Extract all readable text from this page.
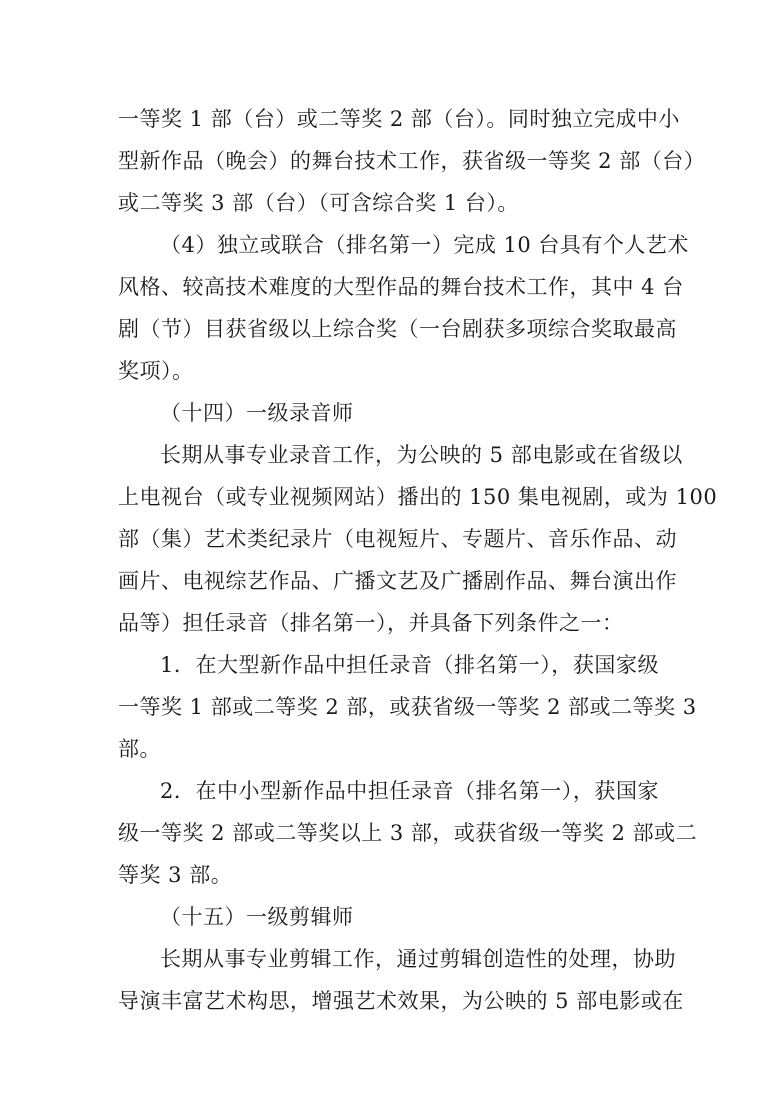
一等奖 1 部（台）或二等奖 2 部（台）。同时独立完成中小
型新作品（晚会）的舞台技术工作，获省级一等奖 2 部（台）
或二等奖 3 部（台）（可含综合奖 1 台）。
（4）独立或联合（排名第一）完成 10 台具有个人艺术
风格、较高技术难度的大型作品的舞台技术工作，其中 4 台
剧（节）目获省级以上综合奖（一台剧获多项综合奖取最高
奖项）。
（十四）一级录音师
长期从事专业录音工作，为公映的 5 部电影或在省级以
上电视台（或专业视频网站）播出的 150 集电视剧，或为 100
部（集）艺术类纪录片（电视短片、专题片、音乐作品、动
画片、电视综艺作品、广播文艺及广播剧作品、舞台演出作
品等）担任录音（排名第一），并具备下列条件之一：
1．在大型新作品中担任录音（排名第一），获国家级
一等奖 1 部或二等奖 2 部，或获省级一等奖 2 部或二等奖 3
部。
2．在中小型新作品中担任录音（排名第一），获国家
级一等奖 2 部或二等奖以上 3 部，或获省级一等奖 2 部或二
等奖 3 部。
（十五）一级剪辑师
长期从事专业剪辑工作，通过剪辑创造性的处理，协助
导演丰富艺术构思，增强艺术效果，为公映的 5 部电影或在
